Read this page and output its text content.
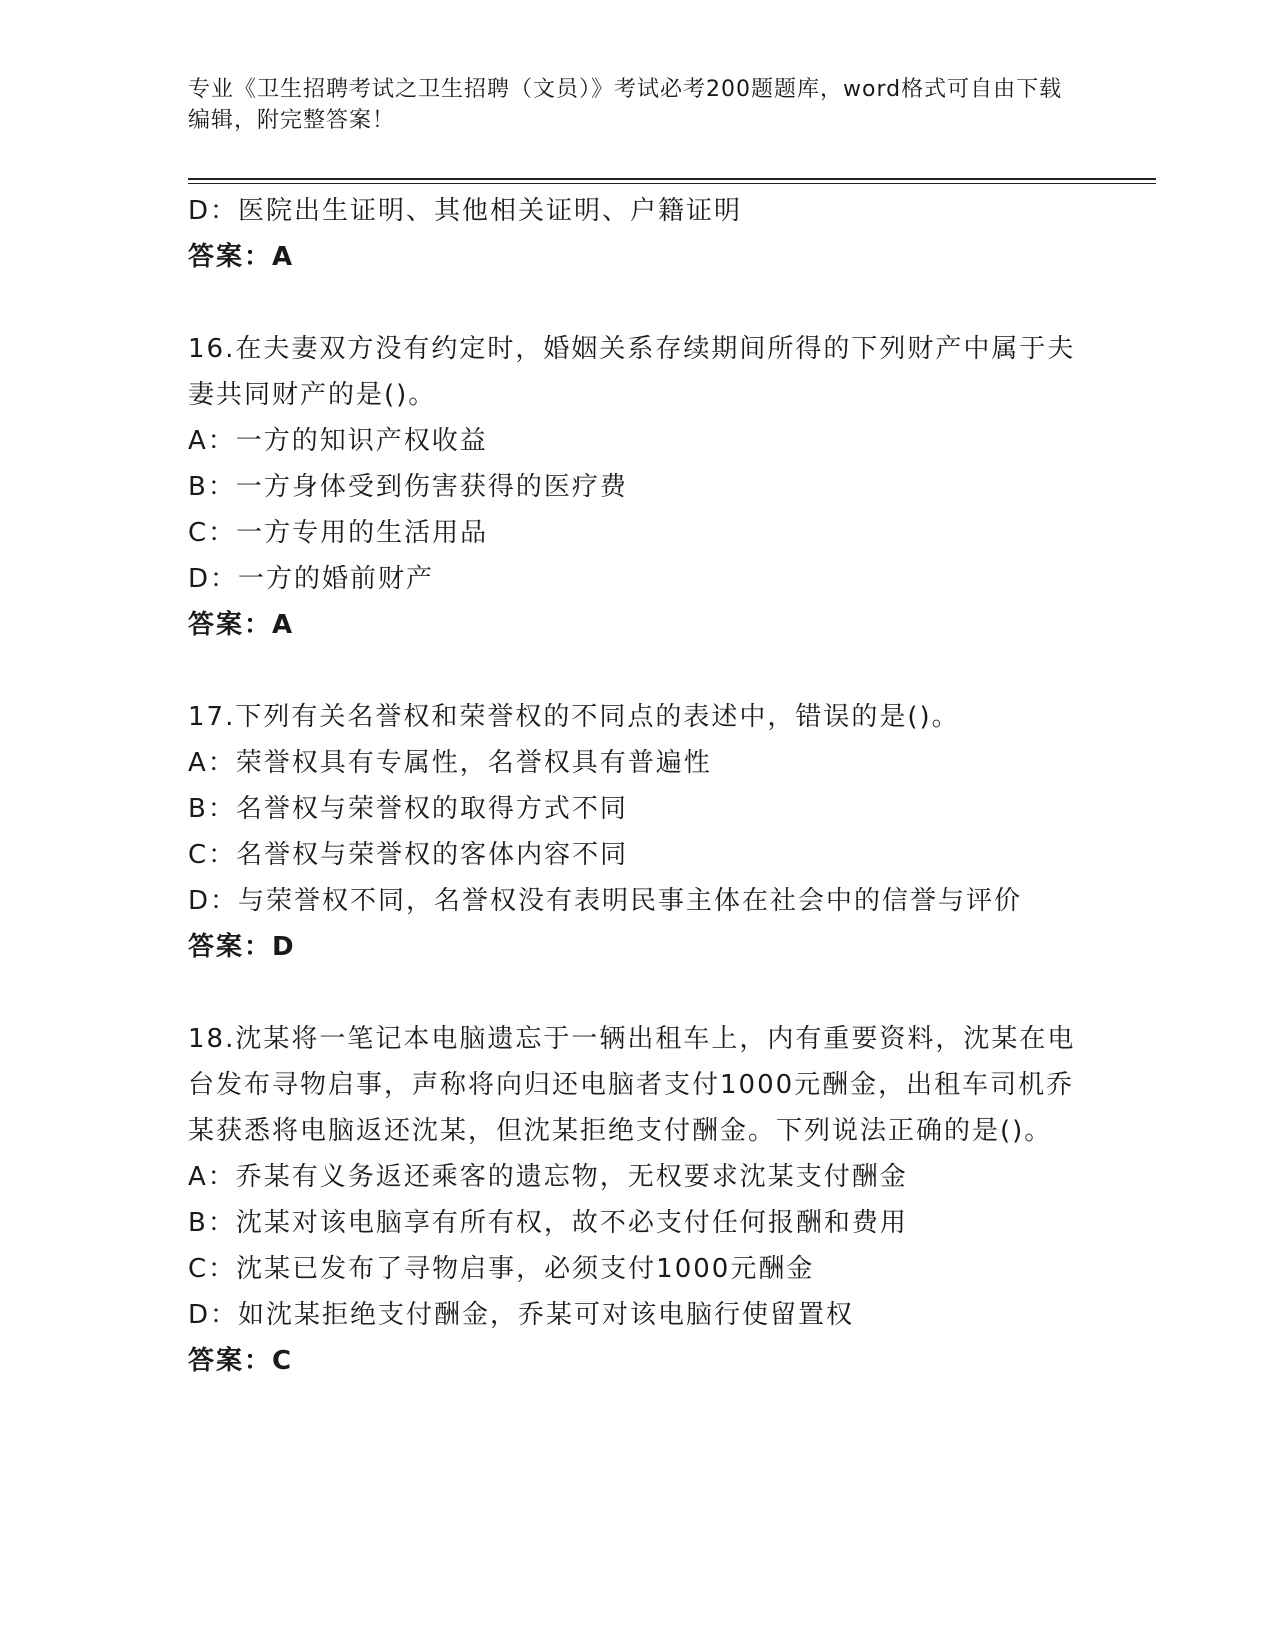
专业《卫生招聘考试之卫生招聘（文员）》考试必考200题题库，word格式可自由下载编辑，附完整答案！
D：医院出生证明、其他相关证明、户籍证明
答案：A
16.在夫妻双方没有约定时，婚姻关系存续期间所得的下列财产中属于夫妻共同财产的是()。
A：一方的知识产权收益
B：一方身体受到伤害获得的医疗费
C：一方专用的生活用品
D：一方的婚前财产
答案：A
17.下列有关名誉权和荣誉权的不同点的表述中，错误的是()。
A：荣誉权具有专属性，名誉权具有普遍性
B：名誉权与荣誉权的取得方式不同
C：名誉权与荣誉权的客体内容不同
D：与荣誉权不同，名誉权没有表明民事主体在社会中的信誉与评价
答案：D
18.沈某将一笔记本电脑遗忘于一辆出租车上，内有重要资料，沈某在电台发布寻物启事，声称将向归还电脑者支付1000元酬金，出租车司机乔某获悉将电脑返还沈某，但沈某拒绝支付酬金。下列说法正确的是()。
A：乔某有义务返还乘客的遗忘物，无权要求沈某支付酬金
B：沈某对该电脑享有所有权，故不必支付任何报酬和费用
C：沈某已发布了寻物启事，必须支付1000元酬金
D：如沈某拒绝支付酬金，乔某可对该电脑行使留置权
答案：C
